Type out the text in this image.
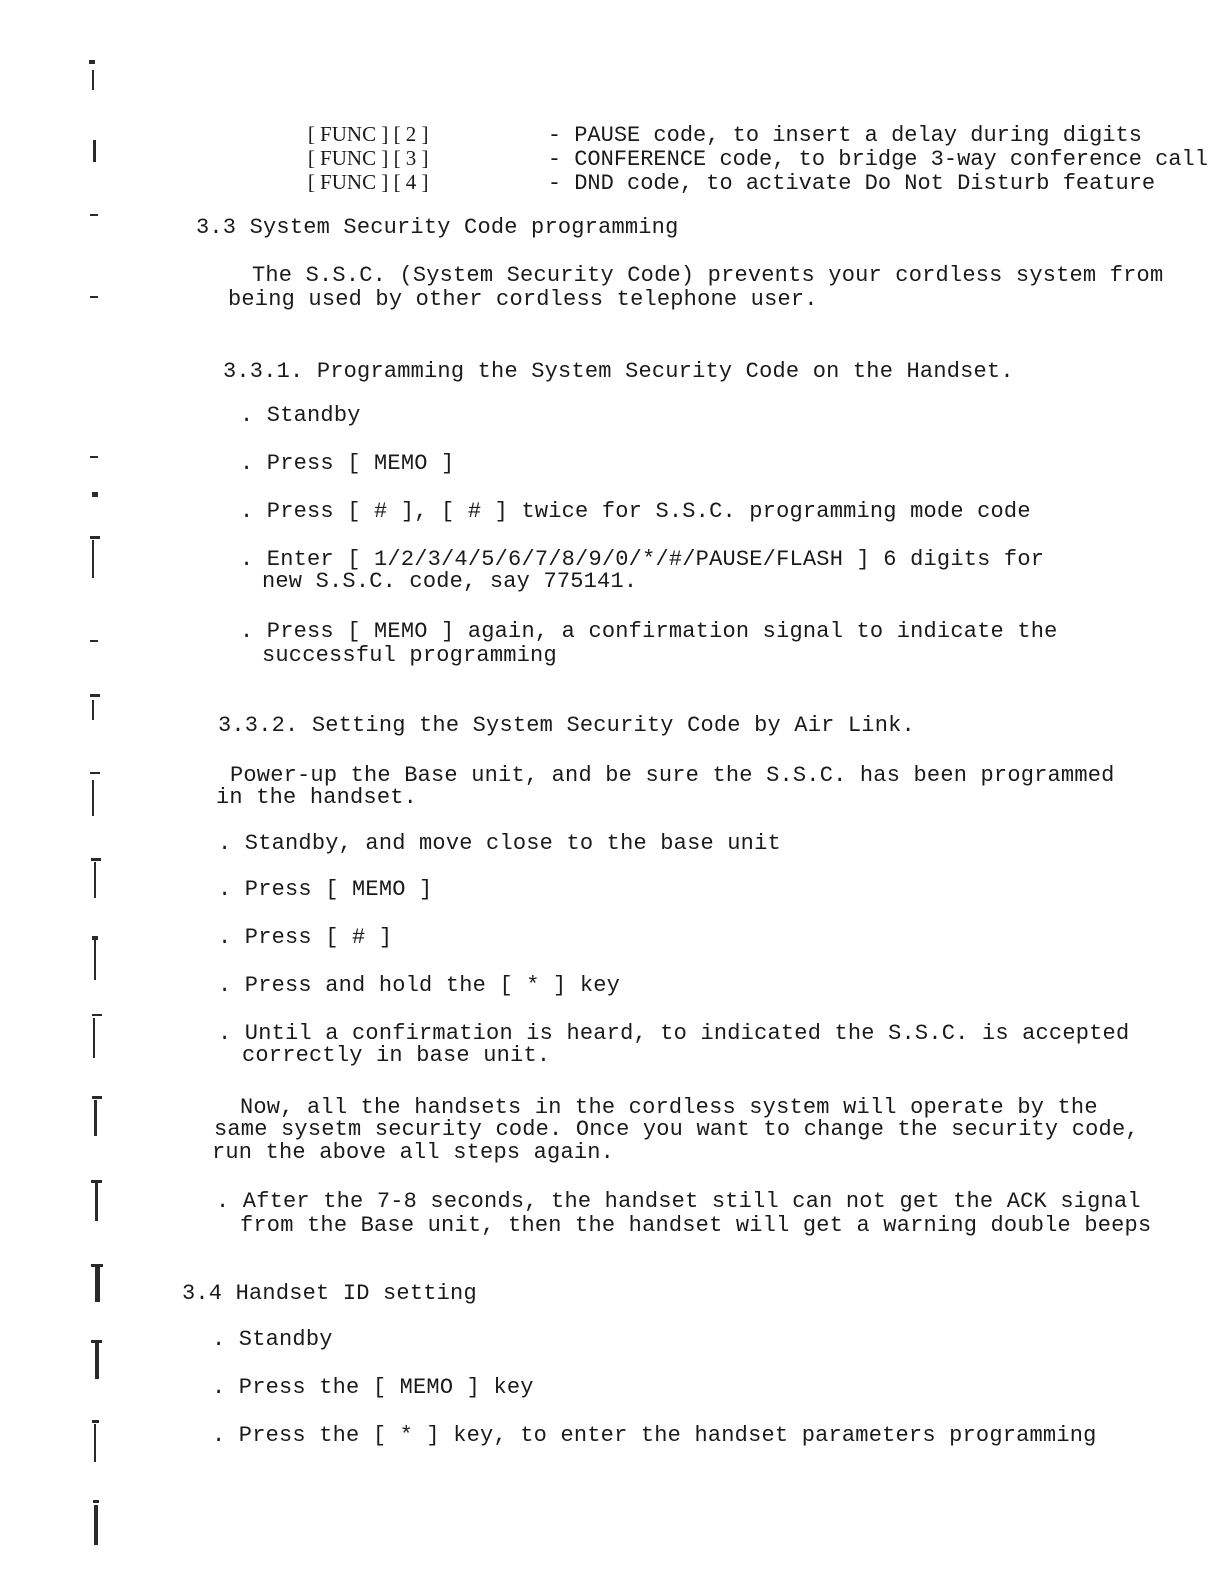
[ FUNC ] [ 2 ]	- PAUSE code, to insert a delay during digits

[ FUNC ] [ 3 ]	- CONFERENCE code, to bridge 3-way conference call

[ FUNC ] [ 4 ]	- DND code, to activate Do Not Disturb feature

3.3 System Security Code programming
The S.S.C. (System Security Code) prevents your cordless system from
being used by other cordless telephone user.
3.3.1. Programming the System Security Code on the Handset.
. Standby
. Press [ MEMO ]
. Press [ # ], [ # ] twice for S.S.C. programming mode code
. Enter [ 1/2/3/4/5/6/7/8/9/0/*/#/PAUSE/FLASH ] 6 digits for
new S.S.C. code, say 775141.
. Press [ MEMO ] again, a confirmation signal to indicate the
successful programming
3.3.2. Setting the System Security Code by Air Link.
Power-up the Base unit, and be sure the S.S.C. has been programmed
in the handset.
. Standby, and move close to the base unit
. Press [ MEMO ]
. Press [ # ]
. Press and hold the [ * ] key
. Until a confirmation is heard, to indicated the S.S.C. is accepted
correctly in base unit.
Now, all the handsets in the cordless system will operate by the
same sysetm security code. Once you want to change the security code,
run the above all steps again.
. After the 7-8 seconds, the handset still can not get the ACK signal
from the Base unit, then the handset will get a warning double beeps
3.4 Handset ID setting
. Standby
. Press the [ MEMO ] key
. Press the [ * ] key, to enter the handset parameters programming
